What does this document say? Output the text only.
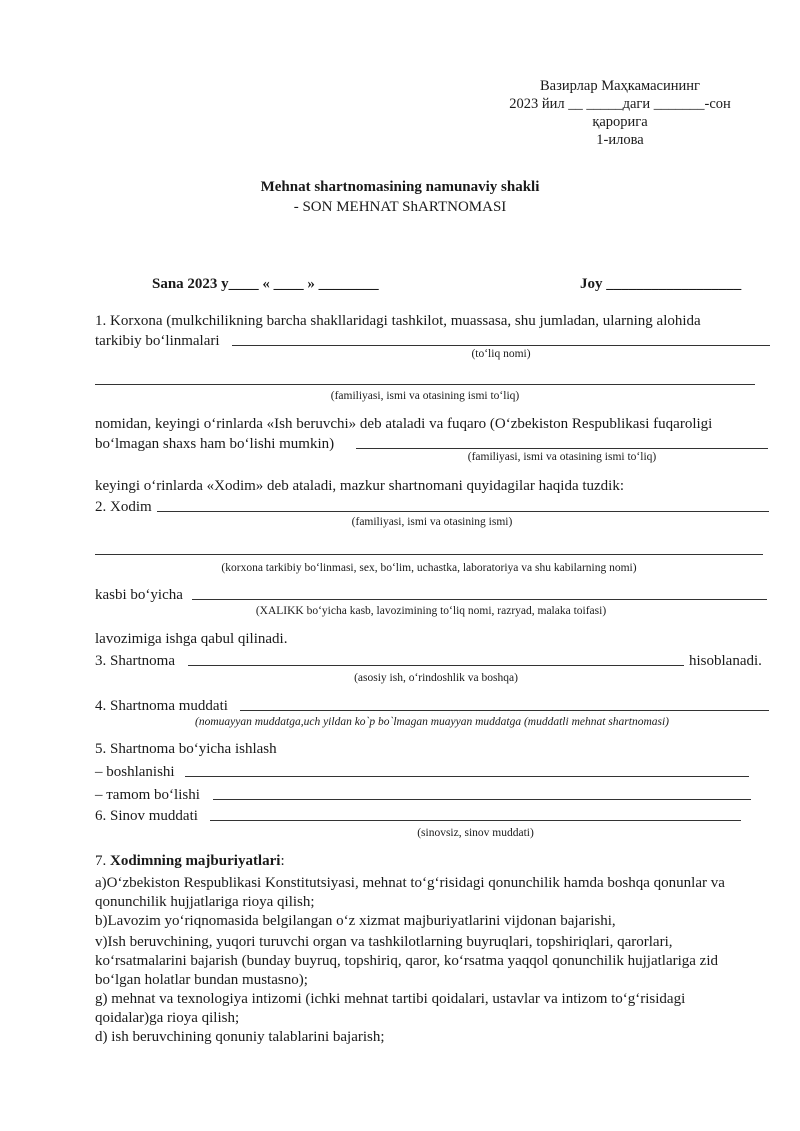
Вазирлар Маҳкамасининг
2023 йил __ _____даги _______-сон
қарорига
1-илова
Mehnat shartnomasining namunaviy shakli
- SON MEHNAT ShARTNOMASI
Sana 2023 y____ « ____ » ________	Joy __________________
1. Korxona (mulkchilikning barcha shakllaridagi tashkilot, muassasa, shu jumladan, ularning alohida
tarkibiy bo‘linmalari
(to‘liq nomi)
(familiyasi, ismi va otasining ismi to‘liq)
nomidan, keyingi o‘rinlarda «Ish beruvchi» deb ataladi va fuqaro (O‘zbekiston Respublikasi fuqaroligi
bo‘lmagan shaxs ham bo‘lishi mumkin)
(familiyasi, ismi va otasining ismi to‘liq)
keyingi o‘rinlarda «Xodim» deb ataladi, mazkur shartnomani quyidagilar haqida tuzdik:
2. Xodim
(familiyasi, ismi va otasining ismi)
(korxona tarkibiy bo‘linmasi, sex, bo‘lim, uchastka, laboratoriya va shu kabilarning nomi)
kasbi bo‘yicha
(XALIKK bo‘yicha kasb, lavozimining to‘liq nomi, razryad, malaka toifasi)
lavozimiga ishga qabul qilinadi.
3. Shartnoma	hisoblanadi.
(asosiy ish, o‘rindoshlik va boshqa)
4. Shartnoma muddati
(nomuayyan muddatga,uch yildan ko`p bo`lmagan muayyan muddatga (muddatli mehnat shartnomasi)
5. Shartnoma bo‘yicha ishlash
– boshlanishi
– тamom bo‘lishi
6. Sinov muddati
(sinovsiz, sinov muddati)
7. Xodimning majburiyatlari:
a)O‘zbekiston Respublikasi Konstitutsiyasi, mehnat to‘g‘risidagi qonunchilik hamda boshqa qonunlar va
qonunchilik hujjatlariga rioya qilish;
b)Lavozim yo‘riqnomasida belgilangan o‘z xizmat majburiyatlarini vijdonan bajarishi,
v)Ish beruvchining, yuqori turuvchi organ va tashkilotlarning buyruqlari, topshiriqlari, qarorlari,
ko‘rsatmalarini bajarish (bunday buyruq, topshiriq, qaror, ko‘rsatma yaqqol qonunchilik hujjatlariga zid
bo‘lgan holatlar bundan mustasno);
g) mehnat va texnologiya intizomi (ichki mehnat tartibi qoidalari, ustavlar va intizom to‘g‘risidagi
qoidalar)ga rioya qilish;
d) ish beruvchining qonuniy talablarini bajarish;
